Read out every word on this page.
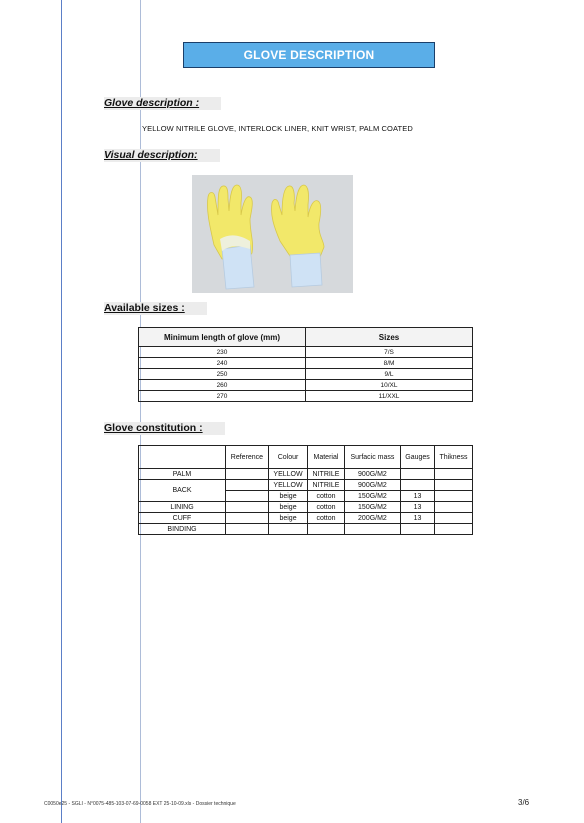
GLOVE DESCRIPTION
Glove description :
YELLOW NITRILE GLOVE, INTERLOCK LINER, KNIT WRIST, PALM COATED
Visual description:
Available sizes :
Minimum length of glove (mm)	Sizes
230	7/S
240	8/M
250	9/L
260	10/XL
270	11/XXL
Glove constitution :
	Reference	Colour	Material	Surfacic mass	Gauges	Thikness
PALM		YELLOW	NITRILE	900G/M2		
BACK		YELLOW	NITRILE	900G/M2		
		beige	cotton	150G/M2	13	
LINING		beige	cotton	150G/M2	13	
CUFF		beige	cotton	200G/M2	13	
BINDING						
C0050e25 - SGLI - N°0075-485-103-07-69-0058 EXT 25-10-09.xls - Dossier technique	3/6
